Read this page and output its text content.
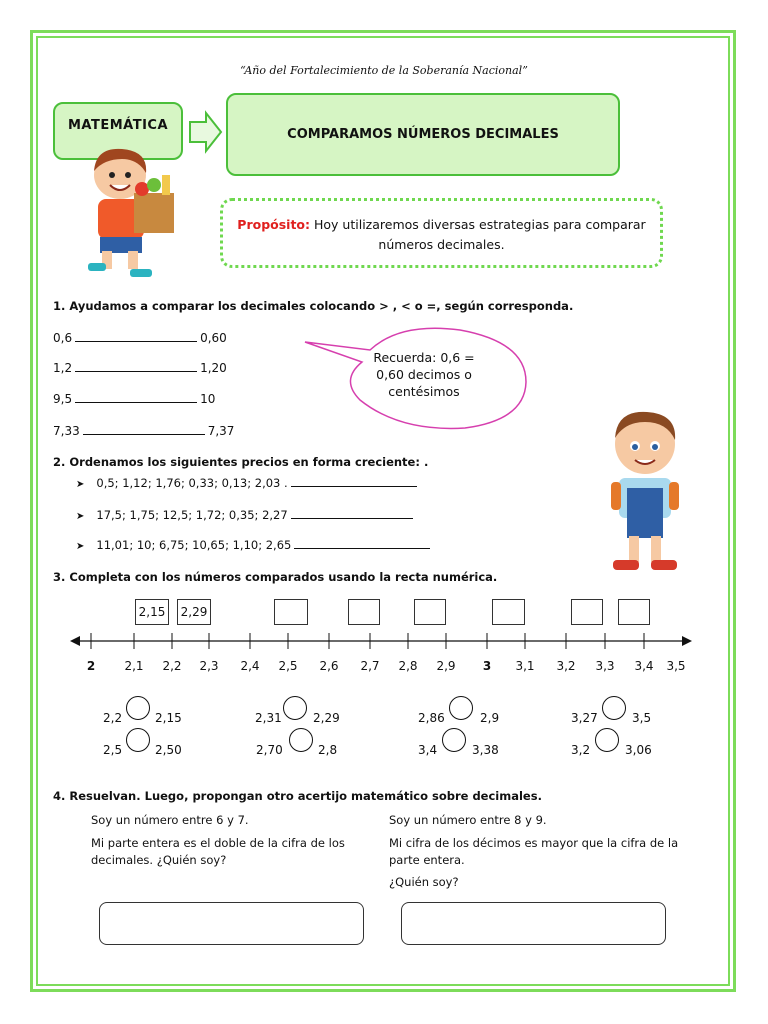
“Año del Fortalecimiento de la Soberanía Nacional”
MATEMÁTICA
COMPARAMOS NÚMEROS DECIMALES
Propósito: Hoy utilizaremos diversas estrategias para comparar números decimales.
1. Ayudamos a comparar los decimales colocando > , < o =, según corresponda.
0,6	0,60
1,2	1,20
9,5	10
7,33	7,37
Recuerda: 0,6 = 0,60 decimos o centésimos
2. Ordenamos los siguientes precios en forma creciente: .
➤ 0,5; 1,12; 1,76; 0,33; 0,13; 2,03 .
➤ 17,5; 1,75; 12,5; 1,72; 0,35; 2,27
➤ 11,01; 10; 6,75; 10,65; 1,10; 2,65
3. Completa con los números comparados usando la recta numérica.
2,15	2,29
2	2,1	2,2	2,3	2,4	2,5	2,6	2,7	2,8	2,9	3	3,1	3,2	3,3	3,4	3,5
2,2	2,15	2,31	2,29	2,86	2,9	3,27	3,5
2,5	2,50	2,70	2,8	3,4	3,38	3,2	3,06
4. Resuelvan. Luego, propongan otro acertijo matemático sobre decimales.
Soy un número entre 6 y 7.
Mi parte entera es el doble de la cifra de los decimales. ¿Quién soy?
Soy un número entre 8 y 9.
Mi cifra de los décimos es mayor que la cifra de la parte entera.
¿Quién soy?
